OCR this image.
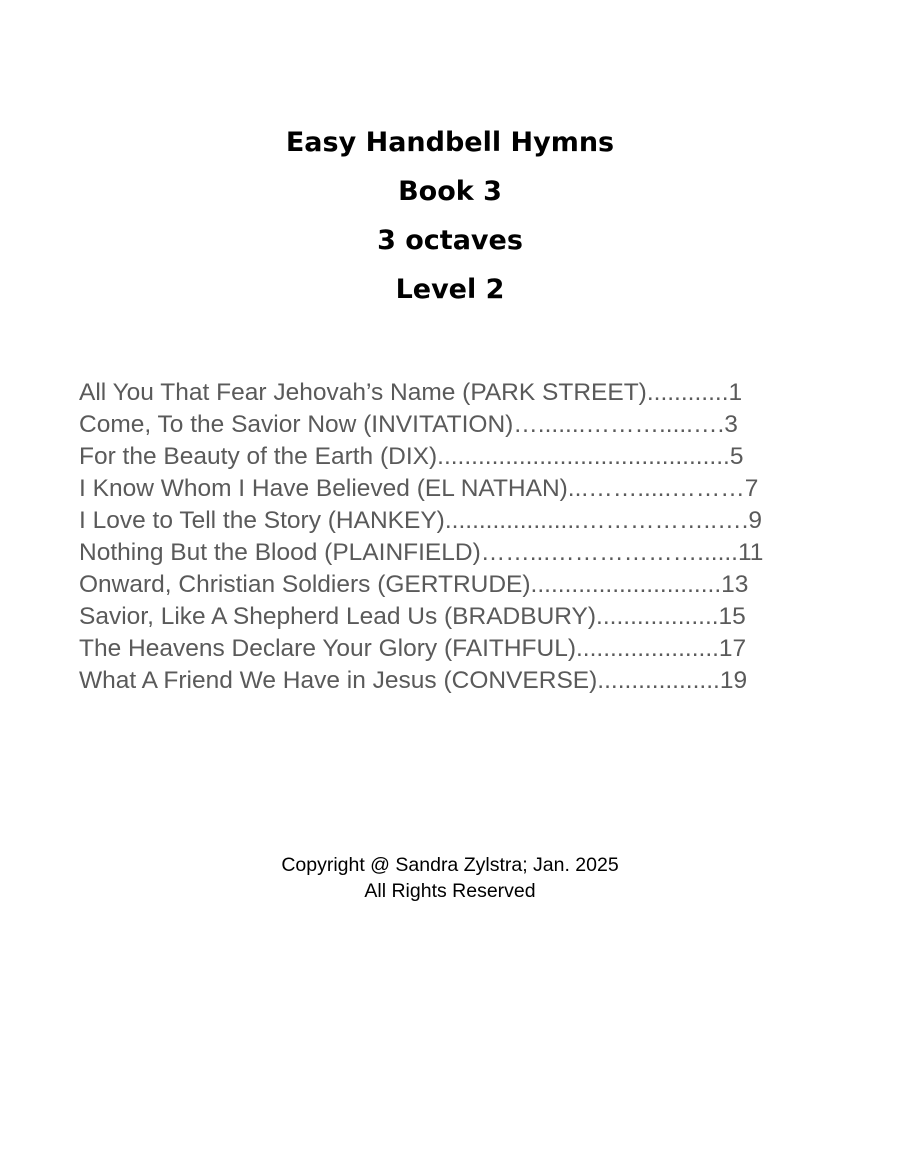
Easy Handbell Hymns
Book 3
3 octaves
Level 2
All You That Fear Jehovah’s Name (PARK STREET)............1
Come, To the Savior Now (INVITATION)….......……….....….3
For the Beauty of the Earth (DIX)...........................................5
I Know Whom I Have Believed (EL NATHAN)...…….....………7
I Love to Tell the Story (HANKEY)....................……………..….9
Nothing But the Blood (PLAINFIELD)……...………………......11
Onward, Christian Soldiers (GERTRUDE)............................13
Savior, Like A Shepherd Lead Us (BRADBURY)..................15
The Heavens Declare Your Glory (FAITHFUL).....................17
What A Friend We Have in Jesus (CONVERSE)..................19
Copyright @ Sandra Zylstra; Jan. 2025
All Rights Reserved
